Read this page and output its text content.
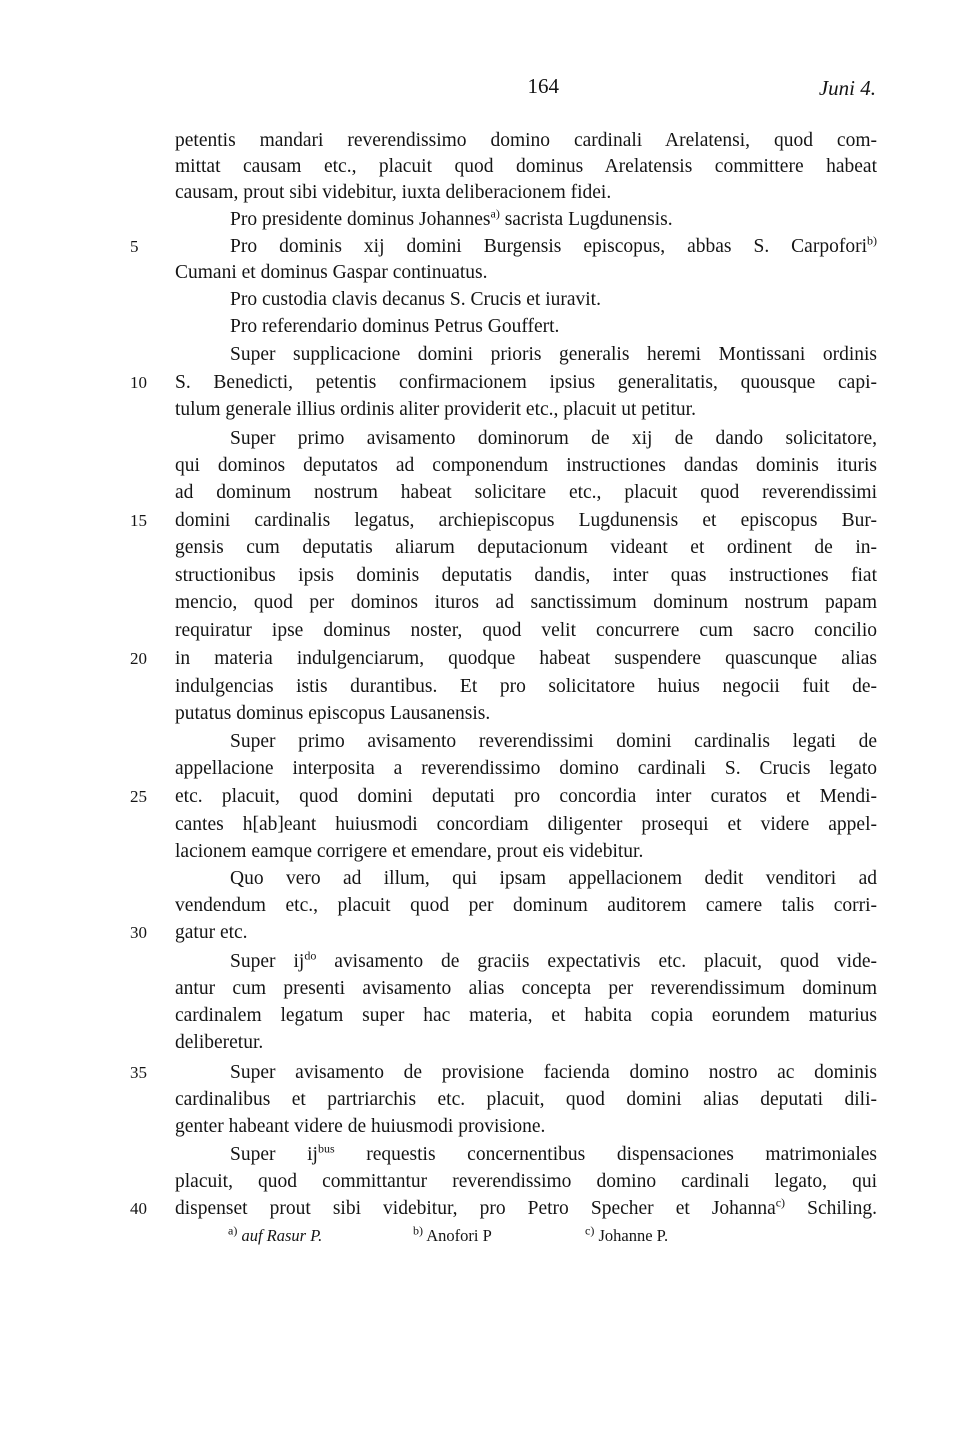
164	Juni 4.
petentis mandari reverendissimo domino cardinali Arelatensi, quod com-
mittat causam etc., placuit quod dominus Arelatensis committere habeat
causam, prout sibi videbitur, iuxta deliberacionem fidei.
Pro presidente dominus Johannes$^{a)}$ sacrista Lugdunensis.
Pro dominis xij domini Burgensis episcopus, abbas S. Carpofori$^{b)}$
Cumani et dominus Gaspar continuatus.
Pro custodia clavis decanus S. Crucis et iuravit.
Pro referendario dominus Petrus Gouffert.
Super supplicacione domini prioris generalis heremi Montissani ordinis
S. Benedicti, petentis confirmacionem ipsius generalitatis, quousque capi-
tulum generale illius ordinis aliter providerit etc., placuit ut petitur.
Super primo avisamento dominorum de xij de dando solicitatore,
qui dominos deputatos ad componendum instructiones dandas dominis ituris
ad dominum nostrum habeat solicitare etc., placuit quod reverendissimi
domini cardinalis legatus, archiepiscopus Lugdunensis et episcopus Bur-
gensis cum deputatis aliarum deputacionum videant et ordinent de in-
structionibus ipsis dominis deputatis dandis, inter quas instructiones fiat
mencio, quod per dominos ituros ad sanctissimum dominum nostrum papam
requiratur ipse dominus noster, quod velit concurrere cum sacro concilio
in materia indulgenciarum, quodque habeat suspendere quascunque alias
indulgencias istis durantibus. Et pro solicitatore huius negocii fuit de-
putatus dominus episcopus Lausanensis.
Super primo avisamento reverendissimi domini cardinalis legati de
appellacione interposita a reverendissimo domino cardinali S. Crucis legato
etc. placuit, quod domini deputati pro concordia inter curatos et Mendi-
cantes h[ab]eant huiusmodi concordiam diligenter prosequi et videre appel-
lacionem eamque corrigere et emendare, prout eis videbitur.
Quo vero ad illum, qui ipsam appellacionem dedit venditori ad
vendendum etc., placuit quod per dominum auditorem camere talis corri-
gatur etc.
Super $ij^{do}$ avisamento de graciis expectativis etc. placuit, quod vide-
antur cum presenti avisamento alias concepta per reverendissimum dominum
cardinalem legatum super hac materia, et habita copia eorundem maturius
deliberetur.
Super avisamento de provisione facienda domino nostro ac dominis
cardinalibus et partriarchis etc. placuit, quod domini alias deputati dili-
genter habeant videre de huiusmodi provisione.
Super $ij^{bus}$ requestis concernentibus dispensaciones matrimoniales
placuit, quod committantur reverendissimo domino cardinali legato, qui
dispenset prout sibi videbitur, pro Petro Specher et Johanna$^{c)}$ Schiling.
5
10
15
20
25
30
35
40
$^{a)}$ auf Rasur P.	$^{b)}$ Anofori P	$^{c)}$ Johanne P.
